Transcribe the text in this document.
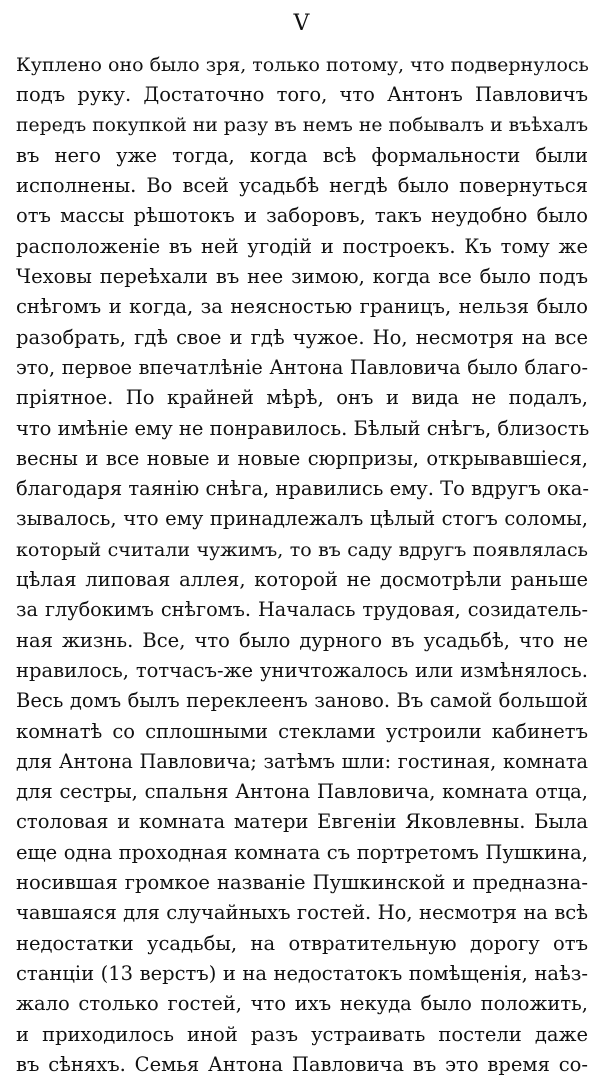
V
Куплено оно было зря, только потому, что подвернулось
подъ руку. Достаточно того, что Антонъ Павловичъ
передъ покупкой ни разу въ немъ не побывалъ и въѣхалъ
въ него уже тогда, когда всѣ формальности были
исполнены. Во всей усадьбѣ негдѣ было повернуться
отъ массы рѣшотокъ и заборовъ, такъ неудобно было
расположеніе въ ней угодій и построекъ. Къ тому же
Чеховы переѣхали въ нее зимою, когда все было подъ
снѣгомъ и когда, за неясностью границъ, нельзя было
разобрать, гдѣ свое и гдѣ чужое. Но, несмотря на все
это, первое впечатлѣніе Антона Павловича было благо-
пріятное. По крайней мѣрѣ, онъ и вида не подалъ,
что имѣніе ему не понравилось. Бѣлый снѣгъ, близость
весны и все новые и новые сюрпризы, открывавшіеся,
благодаря таянію снѣга, нравились ему. То вдругъ ока-
зывалось, что ему принадлежалъ цѣлый стогъ соломы,
который считали чужимъ, то въ саду вдругъ появлялась
цѣлая липовая аллея, которой не досмотрѣли раньше
за глубокимъ снѣгомъ. Началась трудовая, созидатель-
ная жизнь. Все, что было дурного въ усадьбѣ, что не
нравилось, тотчасъ-же уничтожалось или измѣнялось.
Весь домъ былъ переклеенъ заново. Въ самой большой
комнатѣ со сплошными стеклами устроили кабинетъ
для Антона Павловича; затѣмъ шли: гостиная, комната
для сестры, спальня Антона Павловича, комната отца,
столовая и комната матери Евгеніи Яковлевны. Была
еще одна проходная комната съ портретомъ Пушкина,
носившая громкое названіе Пушкинской и предназна-
чавшаяся для случайныхъ гостей. Но, несмотря на всѣ
недостатки усадьбы, на отвратительную дорогу отъ
станціи (13 верстъ) и на недостатокъ помѣщенія, наѣз-
жало столько гостей, что ихъ некуда было положить,
и приходилось иной разъ устраивать постели даже
въ сѣняхъ. Семья Антона Павловича въ это время со-
